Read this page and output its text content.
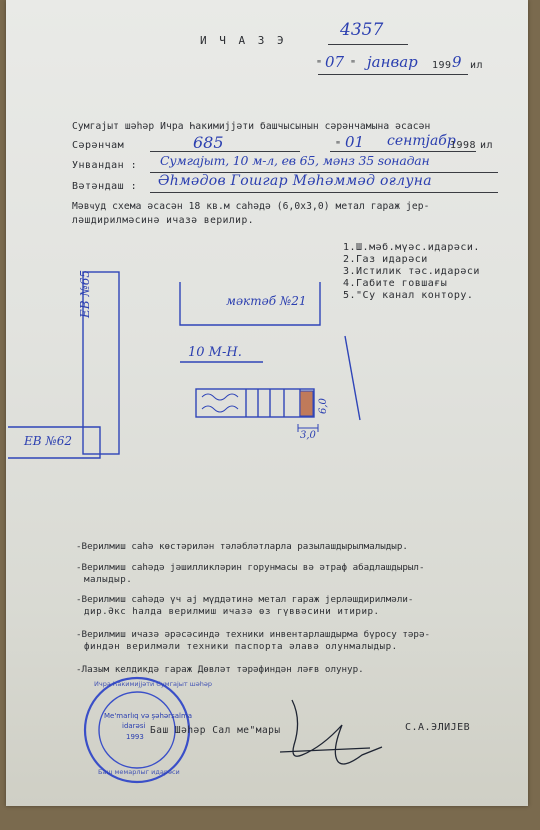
И Ч А З Э
4357
" 07 " јанвар 199 9 ил
Сумгајыт шәһәр Ичра Һакимијјәти башчысынын сәрәнчамына әсасән
Сәрәнчам	685	" 01 сентјабр
1998 ил
Унвандан : Сумгајыт, 10 м-л, ев 65, мәнз 35 ѕонадан
Вәтәндаш : Әһмәдов Гошгар Мәһәммәд оғлуна
Мәвҹуд схема әсасән 18 кв.м саһәдә (6,0х3,0) метал гараж јер-
ләшдирилмәсинә ичазә верилир.
1.Ш.мәб.мүәс.идарәси.
2.Газ идарәси
3.Истилик тәс.идарәси
4.Габите говшағы
5."Су канал контору.
мәктәб №21
10 М-Н.
ЕВ №65
ЕВ №62
6,0
3,0
-Верилмиш саһә көстәрилән тәләбләтларла разылашдырылмалыдыр.
-Верилмиш саһәдә јәшилликләрин горунмасы вә әтраф абадлашдырыл-
малыдыр.
-Верилмиш саһәдә үч ај мүддәтинә метал гараж јерләшдирилмәли-
дир.Әкс һалда верилмиш ичазә өз гүввәсини итирир.
-Верилмиш ичазә әрәсәсиндә техники инвентарлашдырма бүросу тәрә-
финдән верилмәли техники паспорта әлавә олунмалыдыр.
-Лазым келдикдә гараж Дөвләт тәрәфиндән ләғв олунур.
Ичра Һакимијјәти Сумгајыт шәһәр
Me'marlıq və şəhərsalma
idarəsi
1993
Баш мемарлыг идарәси
Баш Шәһәр Сал ме"мары	С.А.ЭЛИЈЕВ
